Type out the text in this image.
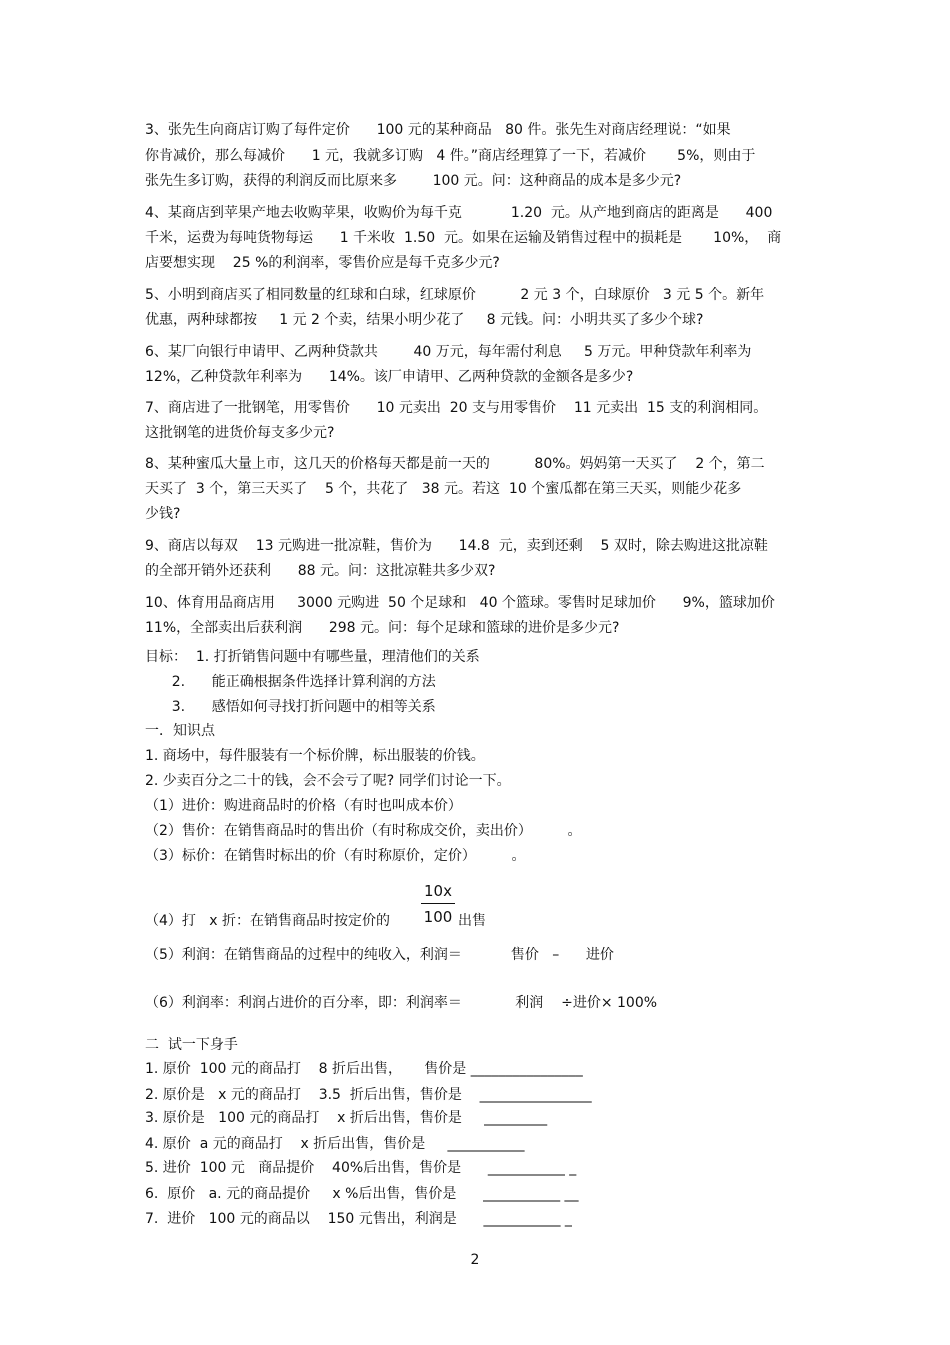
3、张先生向商店订购了每件定价      100 元的某种商品   80 件。张先生对商店经理说：“如果
你肯减价，那么每减价      1 元，我就多订购   4 件。”商店经理算了一下，若减价       5%，则由于
张先生多订购，获得的利润反而比原来多        100 元。问：这种商品的成本是多少元?
4、某商店到苹果产地去收购苹果，收购价为每千克           1.20  元。从产地到商店的距离是      400
千米，运费为每吨货物每运      1 千米收  1.50  元。如果在运输及销售过程中的损耗是       10%，  商
店要想实现    25 %的利润率，零售价应是每千克多少元?
5、小明到商店买了相同数量的红球和白球，红球原价          2 元 3 个，白球原价   3 元 5 个。新年
优惠，两种球都按     1 元 2 个卖，结果小明少花了     8 元钱。问：小明共买了多少个球?
6、某厂向银行申请甲、乙两种贷款共        40 万元，每年需付利息     5 万元。甲种贷款年利率为
12%，乙种贷款年利率为      14%。该厂申请甲、乙两种贷款的金额各是多少?
7、商店进了一批钢笔，用零售价      10 元卖出  20 支与用零售价    11 元卖出  15 支的利润相同。
这批钢笔的进货价每支多少元?
8、某种蜜瓜大量上市，这几天的价格每天都是前一天的          80%。妈妈第一天买了    2 个，第二
天买了  3 个，第三天买了    5 个，共花了   38 元。若这  10 个蜜瓜都在第三天买，则能少花多
少钱?
9、商店以每双    13 元购进一批凉鞋，售价为      14.8  元，卖到还剩    5 双时，除去购进这批凉鞋
的全部开销外还获利      88 元。问：这批凉鞋共多少双?
10、体育用品商店用     3000 元购进  50 个足球和   40 个篮球。零售时足球加价      9%，篮球加价
11%，全部卖出后获利润      298 元。问：每个足球和篮球的进价是多少元?
目标：  1. 打折销售问题中有哪些量，理清他们的关系
2.      能正确根据条件选择计算利润的方法
3.      感悟如何寻找打折问题中的相等关系
一．知识点
1. 商场中，每件服装有一个标价牌，标出服装的价钱。
2. 少卖百分之二十的钱，会不会亏了呢? 同学们讨论一下。
（1）进价：购进商品时的价格（有时也叫成本价）
（2）售价：在销售商品时的售出价（有时称成交价，卖出价）        。
（3）标价：在销售时标出的价（有时称原价，定价）        。
（4）打   x 折：在销售商品时按定价的
10x
100 出售
（5）利润：在销售商品的过程中的纯收入，利润＝           售价   –      进价
（6）利润率：利润占进价的百分率，即：利润率＝            利润    ÷进价× 100%
二  试一下身手
1. 原价  100 元的商品打    8 折后出售，     售价是 ________________
2. 原价是   x 元的商品打    3.5  折后出售，售价是    ________________
3. 原价是   100 元的商品打    x 折后出售，售价是     _________
4. 原价  a 元的商品打    x 折后出售，售价是     ___________
5. 进价  100 元   商品提价    40%后出售，售价是      ___________ _
6.  原价   a. 元的商品提价     x %后出售，售价是      ___________ __
7.  进价   100 元的商品以    150 元售出，利润是      ___________ _
2
